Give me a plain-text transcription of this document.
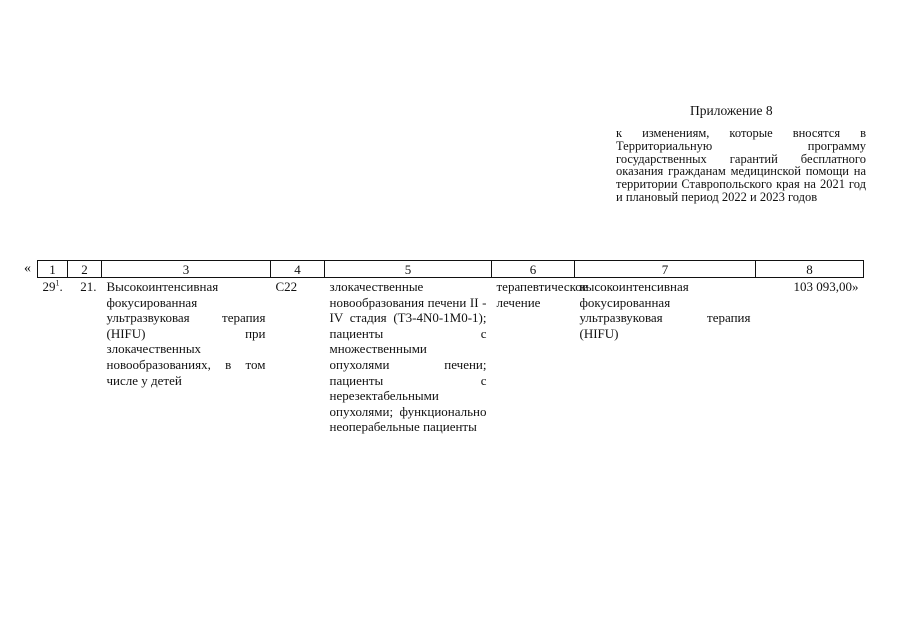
Приложение 8
к изменениям, которые вносятся в Территориальную программу государственных гарантий бесплатного оказания гражданам медицинской помощи на территории Ставропольского края на 2021 год и плановый период 2022 и 2023 годов
« 1	2	3	4	5	6	7	8
$29^1$.	21.	Высокоинтенсивная фокусированная ультразвуковая терапия (HIFU) при злокачественных новообразованиях, в том числе у детей	C22	злокачественные новообразования печени II - IV стадия (T3-4N0-1M0-1); пациенты с множественными опухолями печени; пациенты с нерезектабельными опухолями; функционально неоперабельные пациенты	терапевтическое лечение	высокоинтенсивная фокусированная ультразвуковая терапия (HIFU)	103 093,00»
